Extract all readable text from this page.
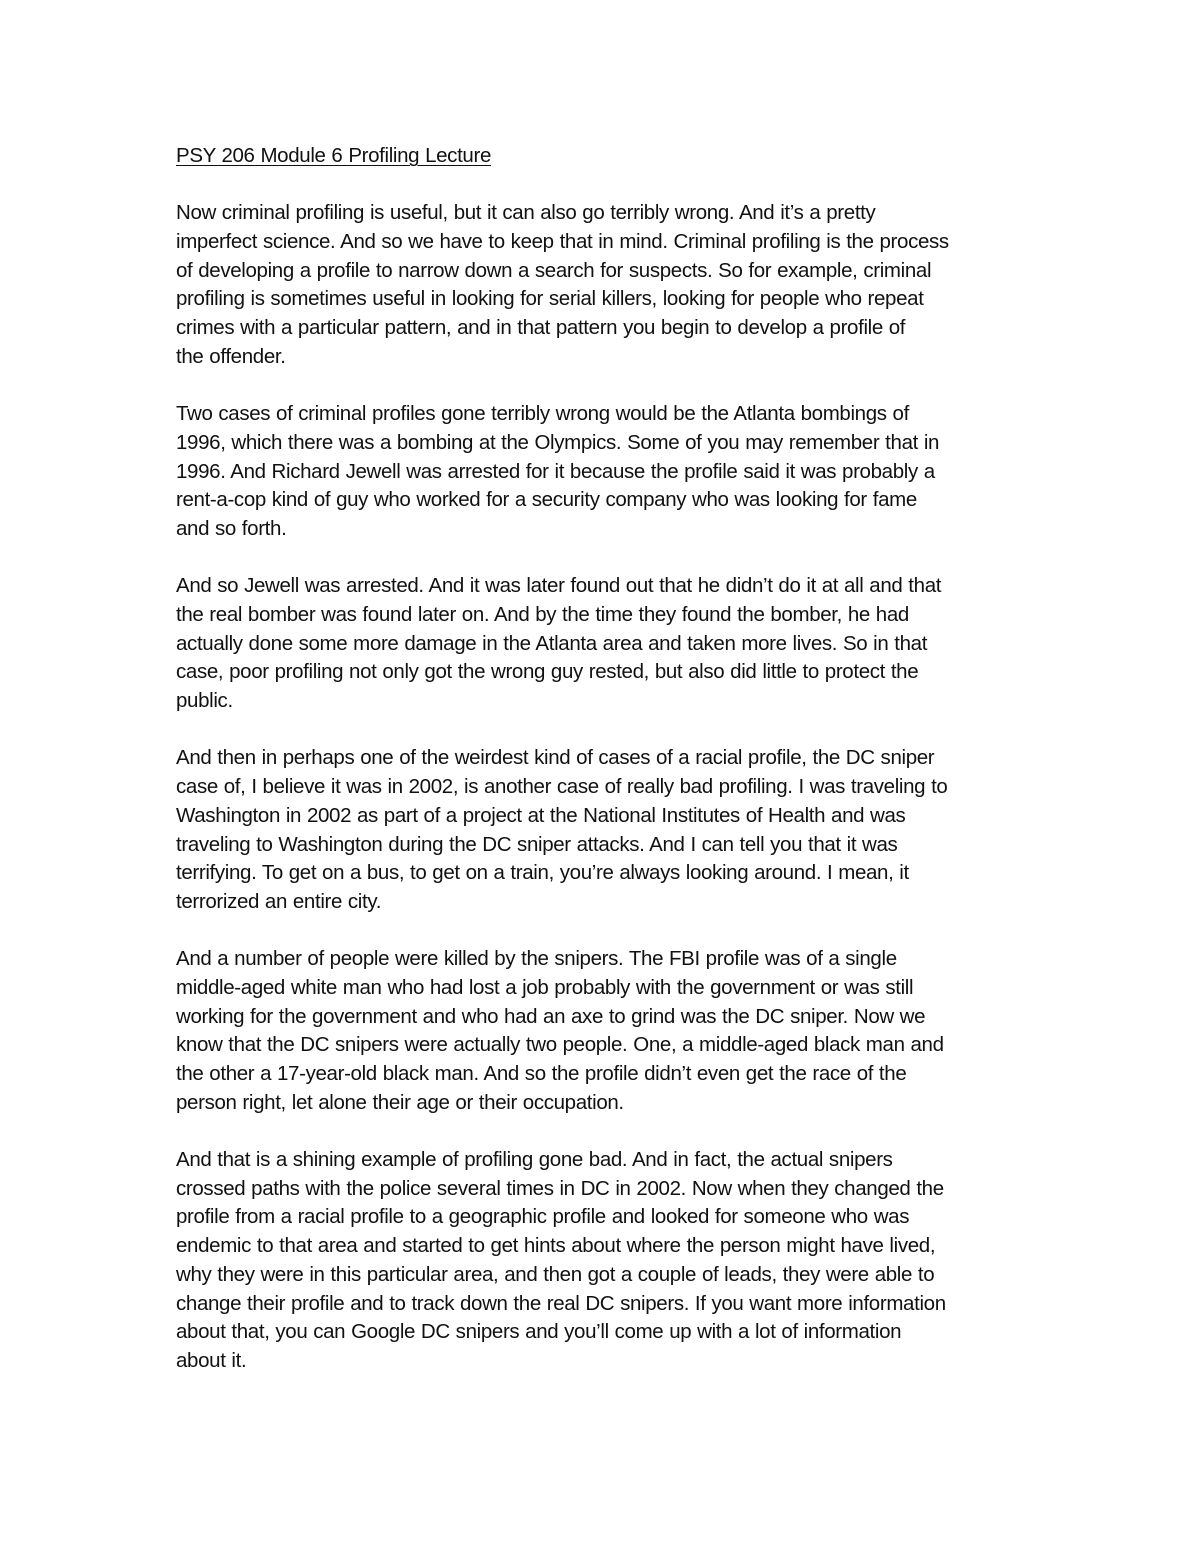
PSY 206 Module 6 Profiling Lecture
Now criminal profiling is useful, but it can also go terribly wrong. And it’s a pretty
imperfect science. And so we have to keep that in mind. Criminal profiling is the process
of developing a profile to narrow down a search for suspects. So for example, criminal
profiling is sometimes useful in looking for serial killers, looking for people who repeat
crimes with a particular pattern, and in that pattern you begin to develop a profile of
the offender.
Two cases of criminal profiles gone terribly wrong would be the Atlanta bombings of
1996, which there was a bombing at the Olympics. Some of you may remember that in
1996. And Richard Jewell was arrested for it because the profile said it was probably a
rent-a-cop kind of guy who worked for a security company who was looking for fame
and so forth.
And so Jewell was arrested. And it was later found out that he didn’t do it at all and that
the real bomber was found later on. And by the time they found the bomber, he had
actually done some more damage in the Atlanta area and taken more lives. So in that
case, poor profiling not only got the wrong guy rested, but also did little to protect the
public.
And then in perhaps one of the weirdest kind of cases of a racial profile, the DC sniper
case of, I believe it was in 2002, is another case of really bad profiling. I was traveling to
Washington in 2002 as part of a project at the National Institutes of Health and was
traveling to Washington during the DC sniper attacks. And I can tell you that it was
terrifying. To get on a bus, to get on a train, you’re always looking around. I mean, it
terrorized an entire city.
And a number of people were killed by the snipers. The FBI profile was of a single
middle-aged white man who had lost a job probably with the government or was still
working for the government and who had an axe to grind was the DC sniper. Now we
know that the DC snipers were actually two people. One, a middle-aged black man and
the other a 17-year-old black man. And so the profile didn’t even get the race of the
person right, let alone their age or their occupation.
And that is a shining example of profiling gone bad. And in fact, the actual snipers
crossed paths with the police several times in DC in 2002. Now when they changed the
profile from a racial profile to a geographic profile and looked for someone who was
endemic to that area and started to get hints about where the person might have lived,
why they were in this particular area, and then got a couple of leads, they were able to
change their profile and to track down the real DC snipers. If you want more information
about that, you can Google DC snipers and you’ll come up with a lot of information
about it.
